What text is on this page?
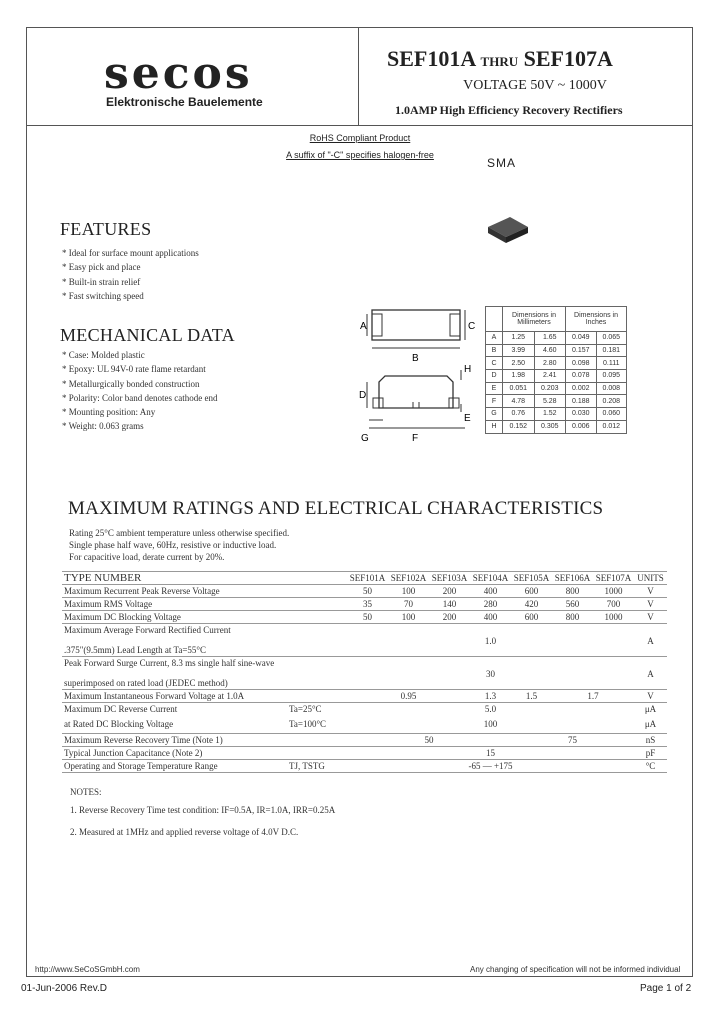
secos
Elektronische Bauelemente
SEF101A THRU SEF107A
VOLTAGE 50V ~ 1000V
1.0AMP High Efficiency Recovery Rectifiers
RoHS Compliant Product
A suffix of "-C" specifies halogen-free
SMA
FEATURES
* Ideal for surface mount applications
* Easy pick and place
* Built-in strain relief
* Fast switching speed
MECHANICAL DATA
* Case: Molded plastic
* Epoxy: UL 94V-0 rate flame retardant
* Metallurgically bonded construction
* Polarity: Color band denotes cathode end
* Mounting position: Any
* Weight: 0.063 grams
A	C
B
H
D
E
G	F
	Dimensions in Millimeters		Dimensions in Inches	
A	1.25	1.65	0.049	0.065
B	3.99	4.60	0.157	0.181
C	2.50	2.80	0.098	0.111
D	1.98	2.41	0.078	0.095
E	0.051	0.203	0.002	0.008
F	4.78	5.28	0.188	0.208
G	0.76	1.52	0.030	0.060
H	0.152	0.305	0.006	0.012
MAXIMUM RATINGS AND ELECTRICAL CHARACTERISTICS
Rating 25°C ambient temperature unless otherwise specified.
Single phase half wave, 60Hz, resistive or inductive load.
For capacitive load, derate current by 20%.
TYPE NUMBER		SEF101A	SEF102A	SEF103A	SEF104A	SEF105A	SEF106A	SEF107A	UNITS
Maximum Recurrent Peak Reverse Voltage		50	100	200	400	600	800	1000	V
Maximum RMS Voltage		35	70	140	280	420	560	700	V
Maximum DC Blocking Voltage		50	100	200	400	600	800	1000	V
Maximum Average Forward Rectified Current									
.375"(9.5mm) Lead Length at Ta=55°C		1.0							A
Peak Forward Surge Current, 8.3 ms single half sine-wave									
superimposed on rated load (JEDEC method)		30							A
Maximum Instantaneous Forward Voltage at 1.0A		0.95			1.3	1.5	1.7		V
Maximum DC Reverse Current	Ta=25°C	5.0							μA
at Rated DC Blocking Voltage	Ta=100°C	100							μA
Maximum Reverse Recovery Time (Note 1)		50				75			nS
Typical Junction Capacitance (Note 2)		15							pF
Operating and Storage Temperature Range	TJ, TSTG	-65 — +175							°C
NOTES:
1. Reverse Recovery Time test condition: IF=0.5A, IR=1.0A, IRR=0.25A
2. Measured at 1MHz and applied reverse voltage of 4.0V D.C.
http://www.SeCoSGmbH.com	Any changing of specification will not be informed individual
01-Jun-2006 Rev.D	Page 1 of 2
